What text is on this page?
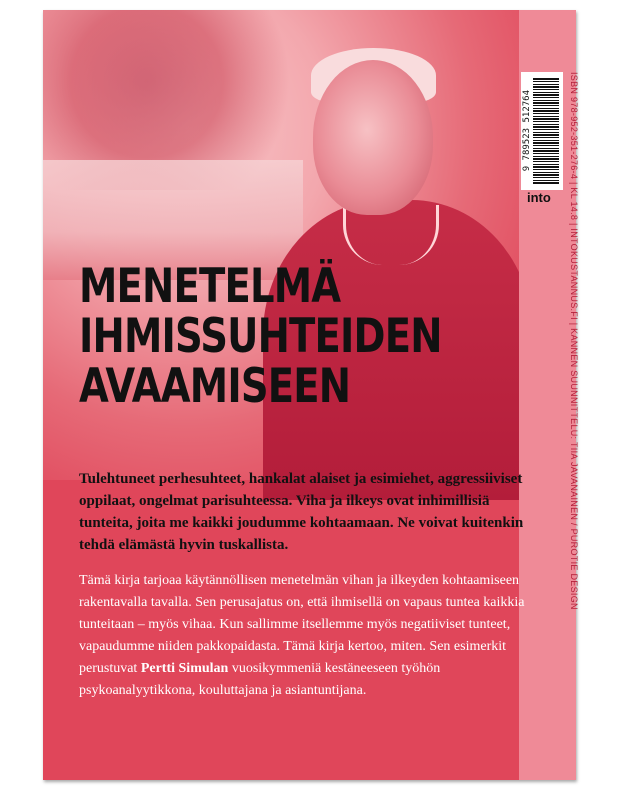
9 789523 512764	ISBN 978-952-351-276-4 | KL 14.8 | INTOKUSTANNUS.FI | KANNEN SUUNNITTELU: TIIA JAVANAINEN / PUROTIE DESIGN
into
MENETELMÄ
IHMISSUHTEIDEN
AVAAMISEEN
Tulehtuneet perhesuhteet, hankalat alaiset ja esimiehet, aggressiiviset oppilaat, ongelmat parisuhteessa. Viha ja ilkeys ovat inhimillisiä tunteita, joita me kaikki joudumme kohtaamaan. Ne voivat kuitenkin tehdä elämästä hyvin tuskallista.
Tämä kirja tarjoaa käytännöllisen menetelmän vihan ja ilkeyden kohtaamiseen rakentavalla tavalla. Sen perusajatus on, että ihmisellä on vapaus tuntea kaikkia tunteitaan – myös vihaa. Kun sallimme itsellemme myös negatiiviset tunteet, vapaudumme niiden pakkopaidasta. Tämä kirja kertoo, miten. Sen esimerkit perustuvat Pertti Simulan vuosikymmeniä kestäneeseen työhön psykoanalyytikkona, kouluttajana ja asiantuntijana.
